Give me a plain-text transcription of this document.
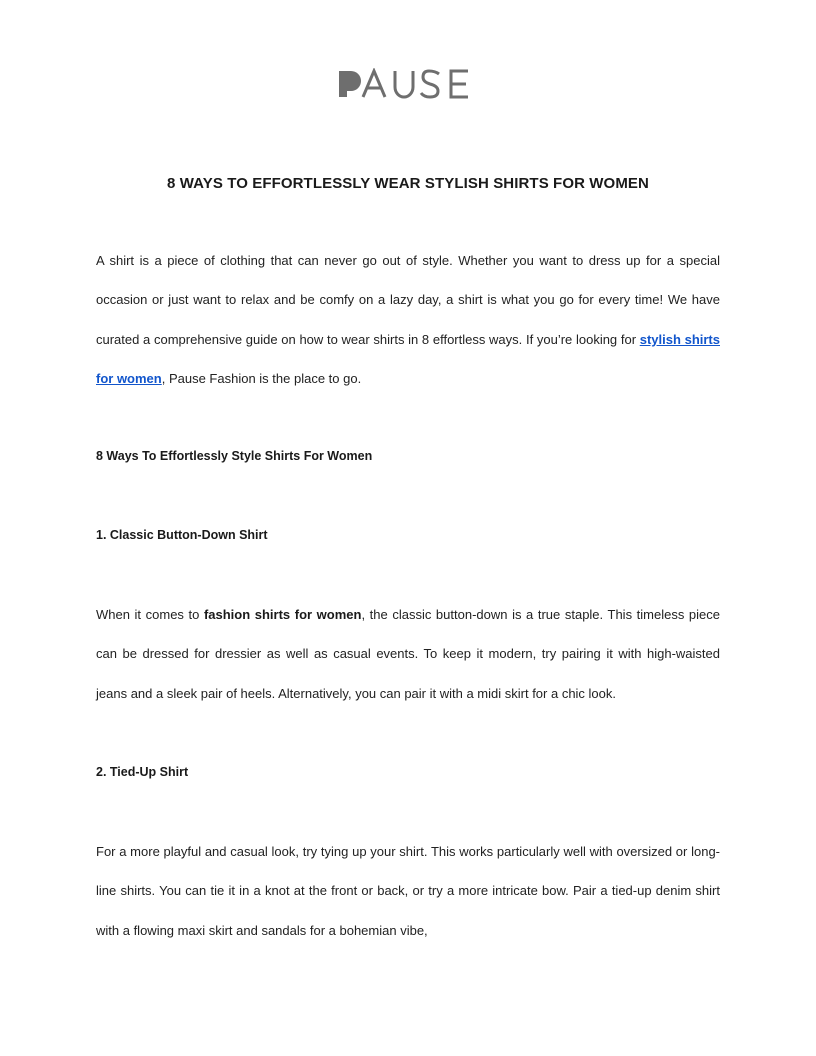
8 WAYS TO EFFORTLESSLY WEAR STYLISH SHIRTS FOR WOMEN

A shirt is a piece of clothing that can never go out of style. Whether you want to dress up for a special occasion or just want to relax and be comfy on a lazy day, a shirt is what you go for every time! We have curated a comprehensive guide on how to wear shirts in 8 effortless ways. If you’re looking for stylish shirts for women, Pause Fashion is the place to go.

8 Ways To Effortlessly Style Shirts For Women
1. Classic Button-Down Shirt

When it comes to fashion shirts for women, the classic button-down is a true staple. This timeless piece can be dressed for dressier as well as casual events. To keep it modern, try pairing it with high-waisted jeans and a sleek pair of heels. Alternatively, you can pair it with a midi skirt for a chic look.

2. Tied-Up Shirt

For a more playful and casual look, try tying up your shirt. This works particularly well with oversized or long-line shirts. You can tie it in a knot at the front or back, or try a more intricate bow. Pair a tied-up denim shirt with a flowing maxi skirt and sandals for a bohemian vibe,
